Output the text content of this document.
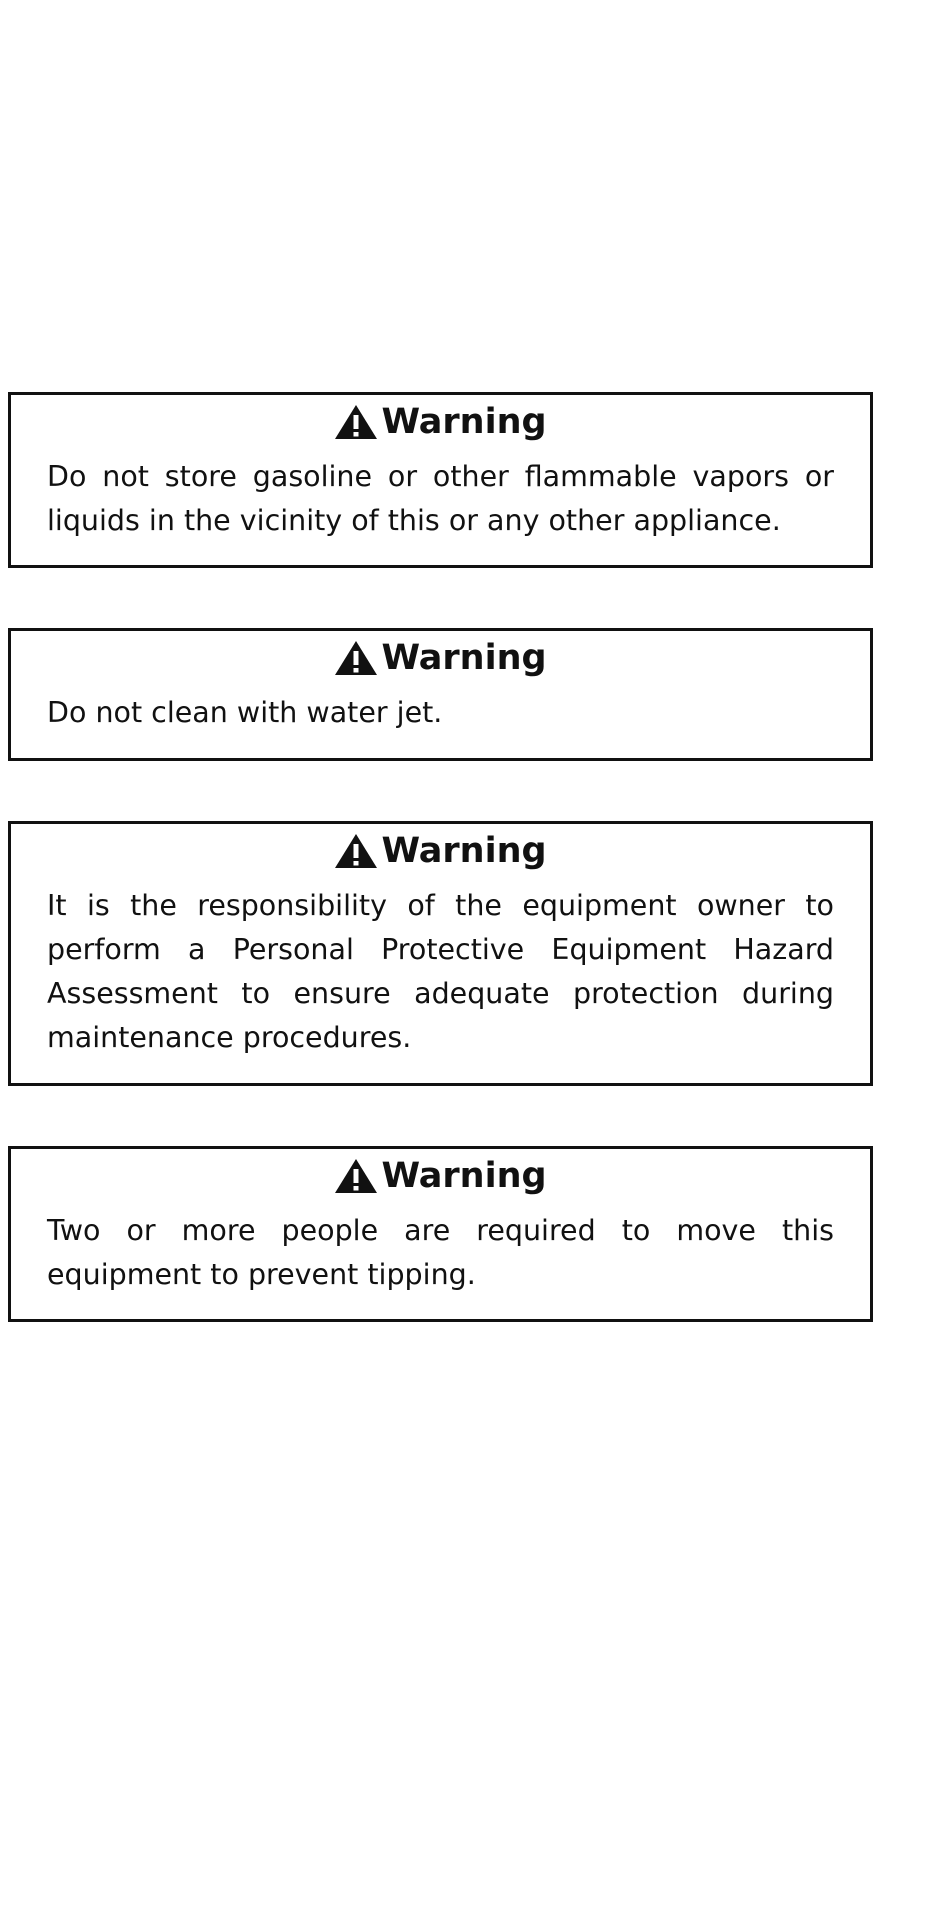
Warning
Do not store gasoline or other flammable vapors or liquids in the vicinity of this or any other appliance.
Warning
Do not clean with water jet.
Warning
It is the responsibility of the equipment owner to perform a Personal Protective Equipment Hazard Assessment to ensure adequate protection during maintenance procedures.
Warning
Two or more people are required to move this equipment to prevent tipping.
